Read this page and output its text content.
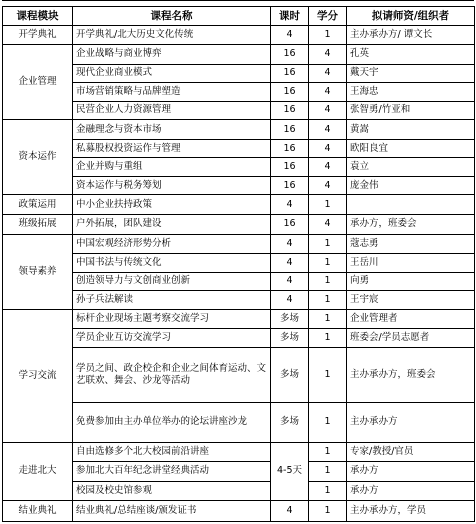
课程模块	课程名称	课时	学分	拟请师资/组织者
开学典礼	开学典礼/北大历史文化传统	4	1	主办承办方/ 谭文长
企业管理	企业战略与商业博弈	16	4	孔英
	现代企业商业模式	16	4	戴天宇
	市场营销策略与品牌塑造	16	4	王海忠
	民营企业人力资源管理	16	4	张智勇/竹亚和
资本运作	金融理念与资本市场	16	4	黄嵩
	私募股权投资运作与管理	16	4	欧阳良宜
	企业并购与重组	16	4	袁立
	资本运作与税务筹划	16	4	庞金伟
政策运用	中小企业扶持政策	4	1	
班级拓展	户外拓展，团队建设	16	4	承办方，班委会
领导素养	中国宏观经济形势分析	4	1	蔻志勇
	中国书法与传统文化	4	1	王岳川
	创造领导力与文创商业创新	4	1	向勇
	孙子兵法解读	4	1	王宇宸
学习交流	标杆企业现场主题考察交流学习	多场	1	企业管理者
	学员企业互访交流学习	多场	1	班委会/学员志愿者
	学员之间、政企校企和企业之间体育运动、文艺联欢、舞会、沙龙等活动	多场	1	主办承办方，班委会
	免费参加由主办单位举办的论坛讲座沙龙	多场	1	主办承办方
走进北大	自由选修多个北大校园前沿讲座	4-5天	1	专家/教授/官员
	参加北大百年纪念讲堂经典活动		1	承办方
	校园及校史馆参观		1	承办方
结业典礼	结业典礼/总结座谈/颁发证书	4	1	主办承办方，学员
